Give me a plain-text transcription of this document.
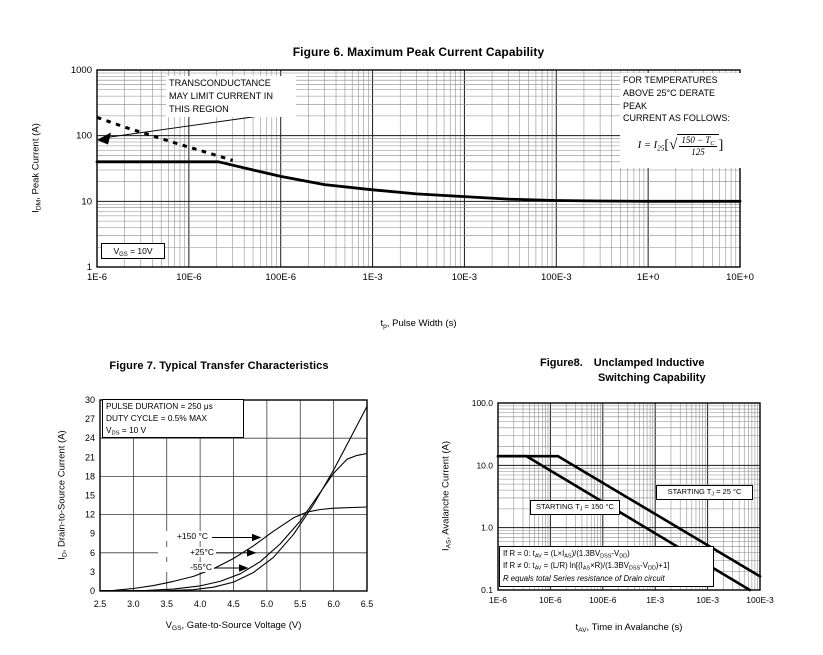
Figure 6. Maximum Peak Current Capability
1E-6	10E-6	100E-6	1E-3	10E-3	100E-3	1E+0	10E+0
1
10
100
1000
$I_{DM}$, Peak Current (A)
$t_p$, Pulse Width (s)
TRANSCONDUCTANCE
MAY LIMIT CURRENT IN
THIS REGION
FOR TEMPERATURES
ABOVE 25°C DERATE PEAK
CURRENT AS FOLLOWS:
$I = I_{25}[√ \frac{150 - T_C}{125}$ ]
$V_{GS} = 10V$
Figure 7. Typical Transfer Characteristics
2.5 3.0 3.5 4.0 4.5 5.0 5.5 6.0 6.5
0
3
6
9
12
15
18
21
24
27
30
$I_D$, Drain-to-Source Current (A)
$V_{GS}$, Gate-to-Source Voltage (V)
PULSE DURATION = 250 μs
DUTY CYCLE = 0.5% MAX
$V_{DS} = 10$ V
+150 °C
+25°C
-55°C
Figure8. Unclamped Inductive
Switching Capability
1E-6	10E-6	100E-6	1E-3	10E-3	100E-3
0.1
1.0
10.0
100.0
$I_{AS}$, Avalanche Current (A)
$t_{AV}$, Time in Avalanche (s)
STARTING $T_J = 150$ °C
STARTING $T_J = 25$ °C
If R = 0: $t_{AV} = (L\times I_{AS})/(1.3BV_{DSS}-V_{DD})$
If R ≠ 0: $t_{AV} = (L/R)$ $\ln[(I_{AS}\times R)/(1.3BV_{DSS}-V_{DD})+1]$
R equals total Series resistance of Drain circuit
